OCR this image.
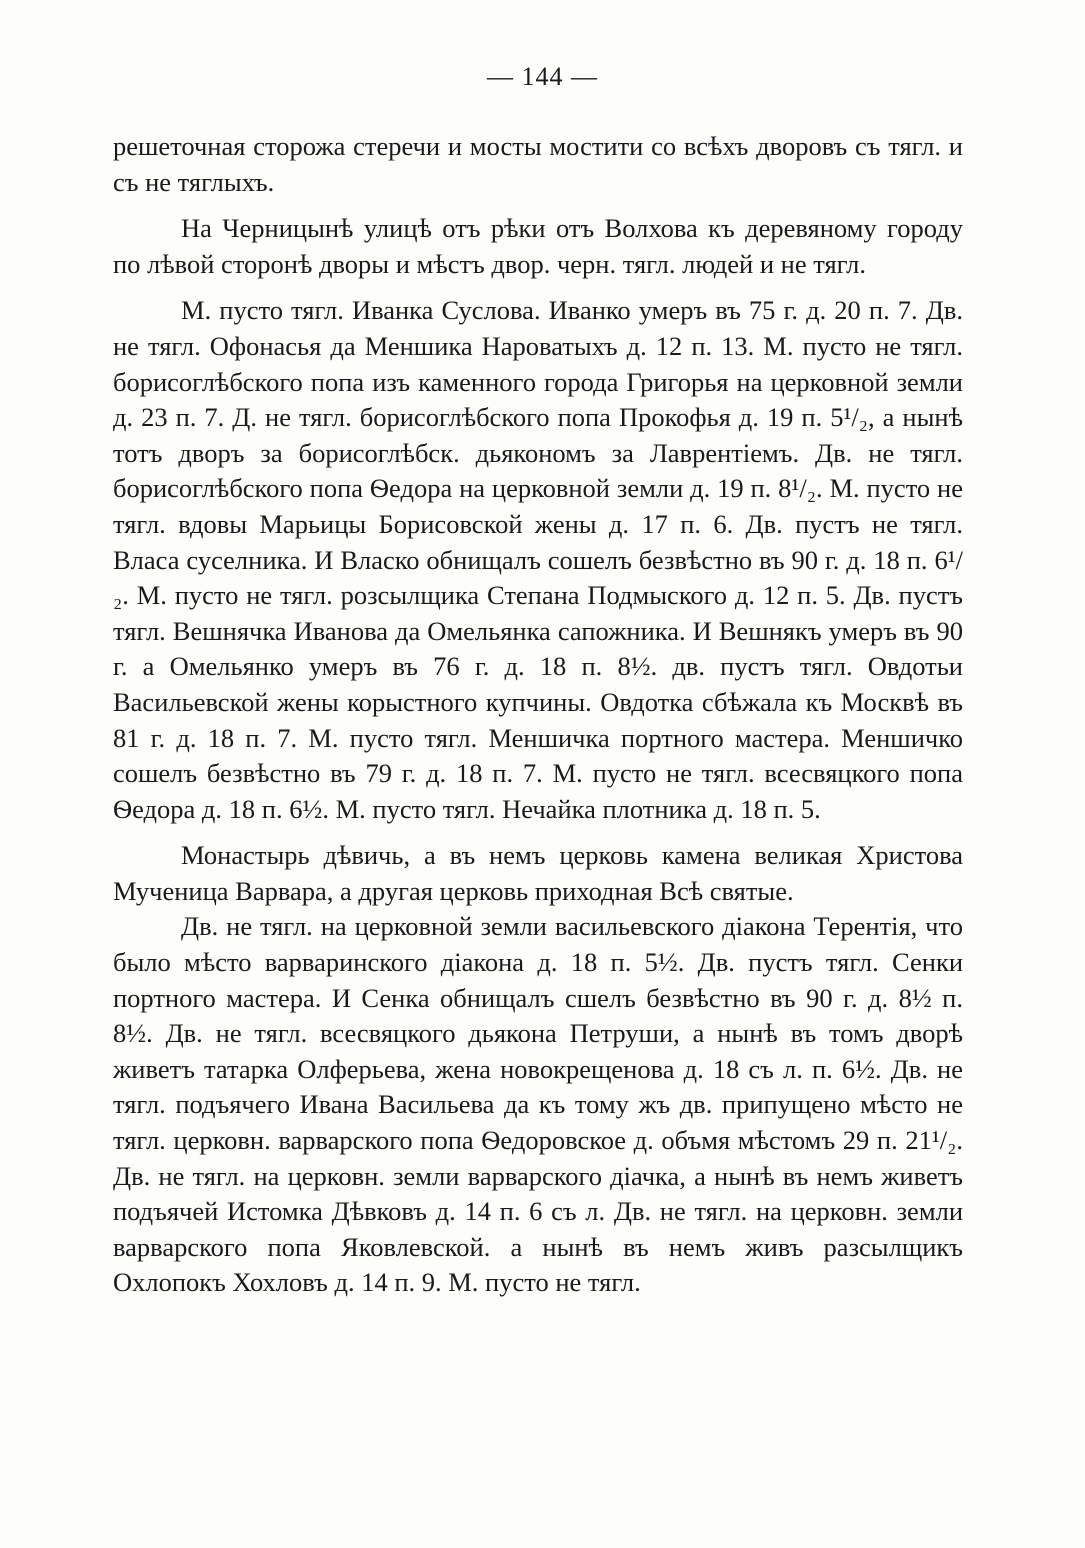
— 144 —

решеточная сторожа стеречи и мосты мостити со всѣхъ дворовъ съ тягл. и съ не тяглыхъ.

На Черницынѣ улицѣ отъ рѣки отъ Волхова къ деревяному городу по лѣвой сторонѣ дворы и мѣстъ двор. черн. тягл. людей и не тягл.

М. пусто тягл. Иванка Суслова. Иванко умеръ въ 75 г. д. 20 п. 7. Дв. не тягл. Офонасья да Меншика Нароватыхъ д. 12 п. 13. М. пусто не тягл. борисоглѣбского попа изъ каменного города Григорья на церковной земли д. 23 п. 7. Д. не тягл. борисоглѣбского попа Прокофья д. 19 п. 5¹/₂, а нынѣ тотъ дворъ за борисоглѣбск. дьякономъ за Лаврентіемъ. Дв. не тягл. борисоглѣбского попа Ѳедора на церковной земли д. 19 п. 8¹/₂. М. пусто не тягл. вдовы Марьицы Борисовской жены д. 17 п. 6. Дв. пустъ не тягл. Власа суселника. И Власко обнищалъ сошелъ безвѣстно въ 90 г. д. 18 п. 6¹/₂. М. пусто не тягл. розсылщика Степана Подмыского д. 12 п. 5. Дв. пустъ тягл. Вешнячка Иванова да Омельянка сапожника. И Вешнякъ умеръ въ 90 г. а Омельянко умеръ въ 76 г. д. 18 п. 8½. дв. пустъ тягл. Овдотьи Васильевской жены корыстного купчины. Овдотка сбѣжала къ Москвѣ въ 81 г. д. 18 п. 7. М. пусто тягл. Меншичка портного мастера. Меншичко сошелъ безвѣстно въ 79 г. д. 18 п. 7. М. пусто не тягл. всесвяцкого попа Ѳедора д. 18 п. 6½. М. пусто тягл. Нечайка плотника д. 18 п. 5.

Монастырь дѣвичь, а въ немъ церковь камена великая Христова Мученица Варвара, а другая церковь приходная Всѣ святые.

Дв. не тягл. на церковной земли васильевского діакона Терентія, что было мѣсто варваринского діакона д. 18 п. 5½. Дв. пустъ тягл. Сенки портного мастера. И Сенка обнищалъ сшелъ безвѣстно въ 90 г. д. 8½ п. 8½. Дв. не тягл. всесвяцкого дьякона Петруши, а нынѣ въ томъ дворѣ живетъ татарка Олферьева, жена новокрещенова д. 18 съ л. п. 6½. Дв. не тягл. подъячего Ивана Васильева да къ тому жъ дв. припущено мѣсто не тягл. церковн. варварского попа Ѳедоровское д. объмя мѣстомъ 29 п. 21¹/₂. Дв. не тягл. на церковн. земли варварского діачка, а нынѣ въ немъ живетъ подъячей Истомка Дѣвковъ д. 14 п. 6 съ л. Дв. не тягл. на церковн. земли варварского попа Яковлевской. а нынѣ въ немъ живъ разсылщикъ Охлопокъ Хохловъ д. 14 п. 9. М. пусто не тягл.
